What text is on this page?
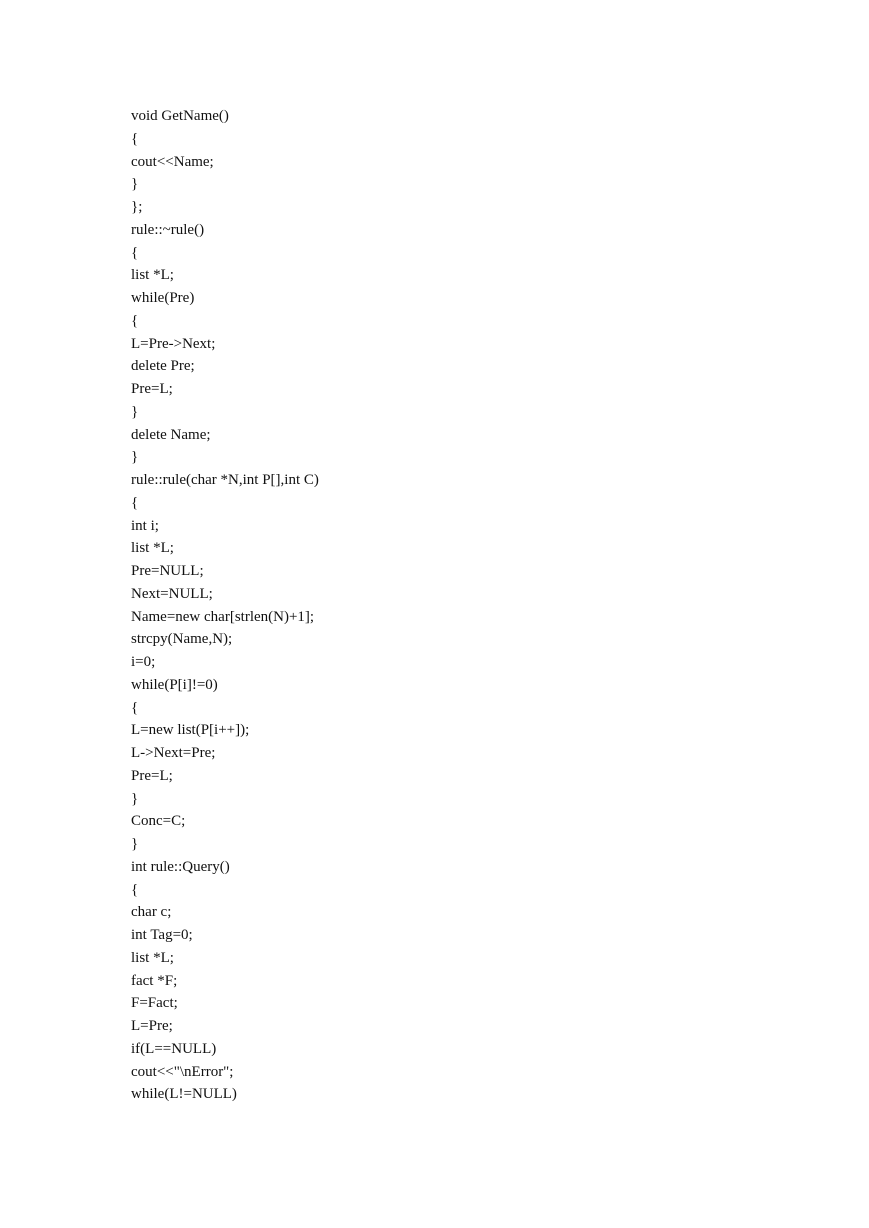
void GetName()
{
cout<<Name;
}
};
rule::~rule()
{
list *L;
while(Pre)
{
L=Pre->Next;
delete Pre;
Pre=L;
}
delete Name;
}
rule::rule(char *N,int P[],int C)
{
int i;
list *L;
Pre=NULL;
Next=NULL;
Name=new char[strlen(N)+1];
strcpy(Name,N);
i=0;
while(P[i]!=0)
{
L=new list(P[i++]);
L->Next=Pre;
Pre=L;
}
Conc=C;
}
int rule::Query()
{
char c;
int Tag=0;
list *L;
fact *F;
F=Fact;
L=Pre;
if(L==NULL)
cout<<"\nError";
while(L!=NULL)
